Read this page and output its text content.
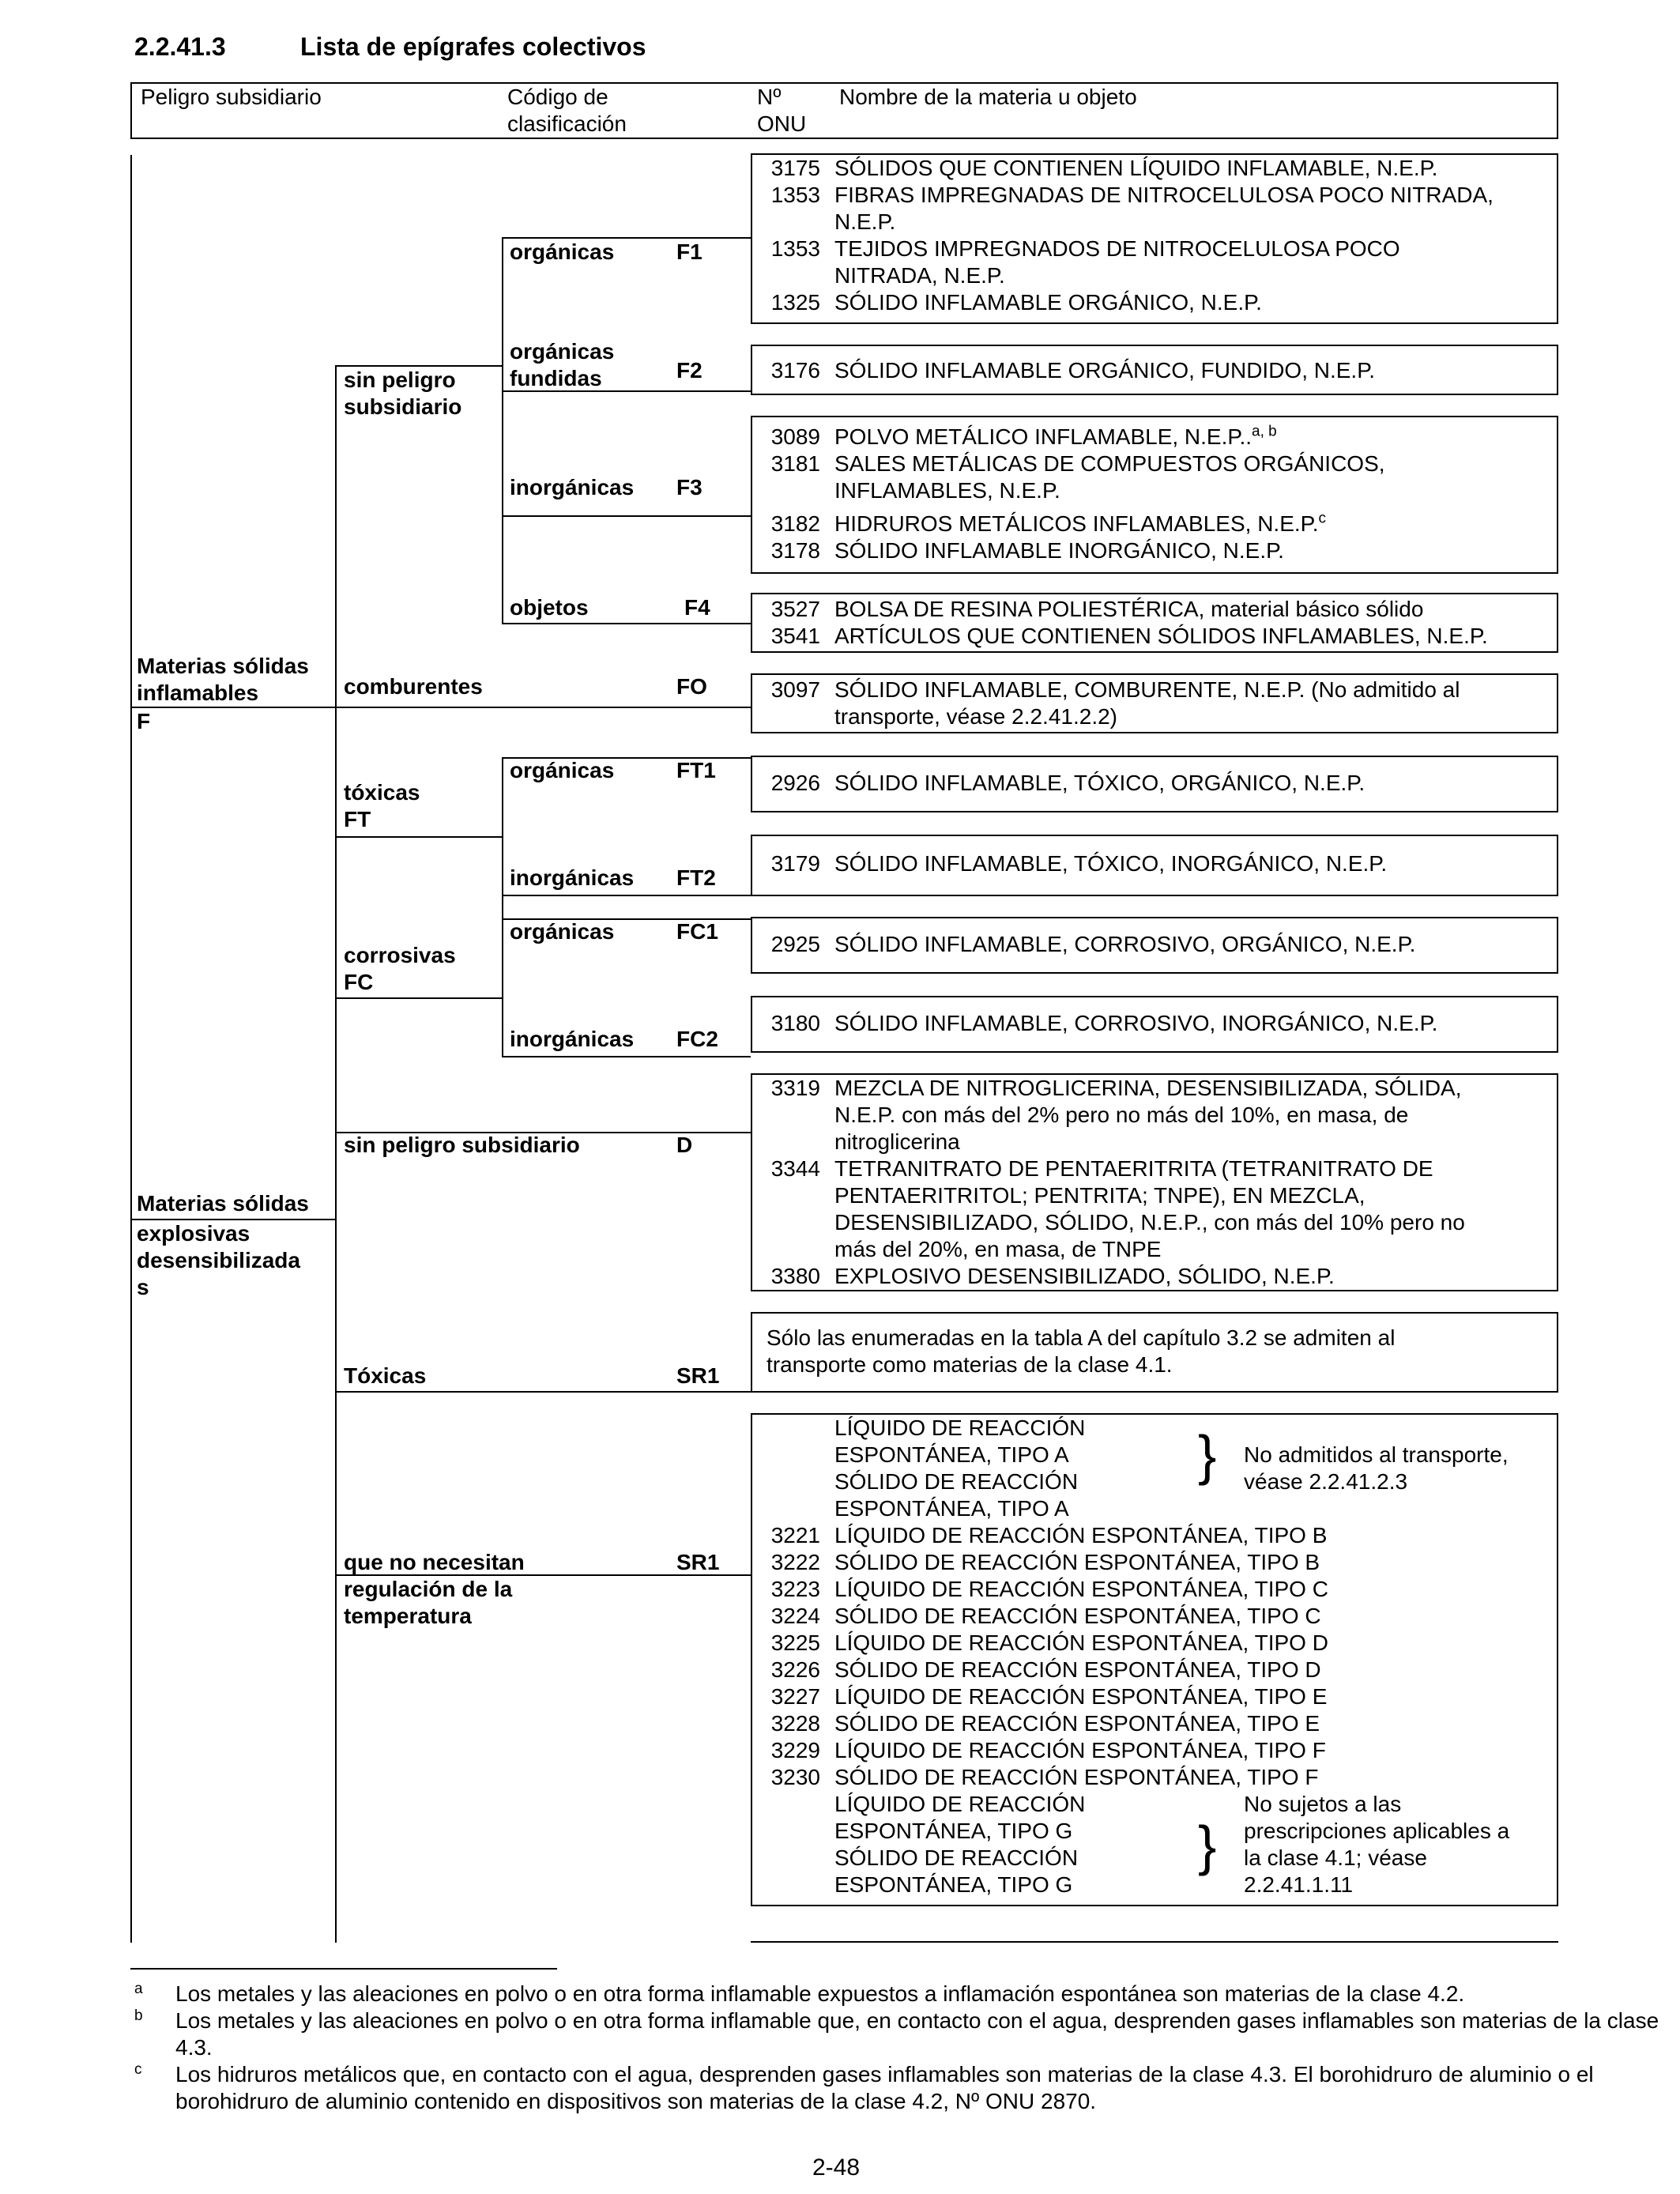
2.2.41.3	Lista de epígrafes colectivos
Peligro subsidiario	Código de
clasificación
Nº
ONU
Nombre de la materia u objeto
Materias sólidas
inflamables
F
Materias sólidas
explosivas
desensibilizada
s
sin peligro
subsidiario
comburentes
tóxicas
FT
corrosivas
FC
sin peligro subsidiario
Tóxicas
que no necesitan
regulación de la
temperatura
orgánicas
orgánicas
fundidas
inorgánicas
objetos
orgánicas
inorgánicas
orgánicas
inorgánicas
F1
F2
F3
F4
FO
FT1
FT2
FC1
FC2
D
SR1
SR1
3175 SÓLIDOS QUE CONTIENEN LÍQUIDO INFLAMABLE, N.E.P.
1353 FIBRAS IMPREGNADAS DE NITROCELULOSA POCO NITRADA,
N.E.P.
1353 TEJIDOS IMPREGNADOS DE NITROCELULOSA POCO
NITRADA, N.E.P.
1325 SÓLIDO INFLAMABLE ORGÁNICO, N.E.P.
3176 SÓLIDO INFLAMABLE ORGÁNICO, FUNDIDO, N.E.P.
3089 POLVO METÁLICO INFLAMABLE, N.E.P..$^{a, b}$
3181 SALES METÁLICAS DE COMPUESTOS ORGÁNICOS,
INFLAMABLES, N.E.P.
3182 HIDRUROS METÁLICOS INFLAMABLES, N.E.P.$^c$
3178 SÓLIDO INFLAMABLE INORGÁNICO, N.E.P.
3527 BOLSA DE RESINA POLIESTÉRICA, material básico sólido
3541 ARTÍCULOS QUE CONTIENEN SÓLIDOS INFLAMABLES, N.E.P.
3097 SÓLIDO INFLAMABLE, COMBURENTE, N.E.P. (No admitido al
transporte, véase 2.2.41.2.2)
2926 SÓLIDO INFLAMABLE, TÓXICO, ORGÁNICO, N.E.P.
3179 SÓLIDO INFLAMABLE, TÓXICO, INORGÁNICO, N.E.P.
2925 SÓLIDO INFLAMABLE, CORROSIVO, ORGÁNICO, N.E.P.
3180 SÓLIDO INFLAMABLE, CORROSIVO, INORGÁNICO, N.E.P.
3319 MEZCLA DE NITROGLICERINA, DESENSIBILIZADA, SÓLIDA,
N.E.P. con más del 2% pero no más del 10%, en masa, de
nitroglicerina
3344 TETRANITRATO DE PENTAERITRITA (TETRANITRATO DE
PENTAERITRITOL; PENTRITA; TNPE), EN MEZCLA,
DESENSIBILIZADO, SÓLIDO, N.E.P., con más del 10% pero no
más del 20%, en masa, de TNPE
3380 EXPLOSIVO DESENSIBILIZADO, SÓLIDO, N.E.P.
Sólo las enumeradas en la tabla A del capítulo 3.2 se admiten al
transporte como materias de la clase 4.1.
LÍQUIDO DE REACCIÓN
ESPONTÁNEA, TIPO A
SÓLIDO DE REACCIÓN
ESPONTÁNEA, TIPO A
} No admitidos al transporte,
véase 2.2.41.2.3
3221 LÍQUIDO DE REACCIÓN ESPONTÁNEA, TIPO B
3222 SÓLIDO DE REACCIÓN ESPONTÁNEA, TIPO B
3223 LÍQUIDO DE REACCIÓN ESPONTÁNEA, TIPO C
3224 SÓLIDO DE REACCIÓN ESPONTÁNEA, TIPO C
3225 LÍQUIDO DE REACCIÓN ESPONTÁNEA, TIPO D
3226 SÓLIDO DE REACCIÓN ESPONTÁNEA, TIPO D
3227 LÍQUIDO DE REACCIÓN ESPONTÁNEA, TIPO E
3228 SÓLIDO DE REACCIÓN ESPONTÁNEA, TIPO E
3229 LÍQUIDO DE REACCIÓN ESPONTÁNEA, TIPO F
3230 SÓLIDO DE REACCIÓN ESPONTÁNEA, TIPO F
LÍQUIDO DE REACCIÓN
ESPONTÁNEA, TIPO G
SÓLIDO DE REACCIÓN
ESPONTÁNEA, TIPO G
}
No sujetos a las
prescripciones aplicables a
la clase 4.1; véase
2.2.41.1.11
a Los metales y las aleaciones en polvo o en otra forma inflamable expuestos a inflamación espontánea son materias de la clase 4.2.
b Los metales y las aleaciones en polvo o en otra forma inflamable que, en contacto con el agua, desprenden gases inflamables son materias de la clase 4.3.
c Los hidruros metálicos que, en contacto con el agua, desprenden gases inflamables son materias de la clase 4.3. El borohidruro de aluminio o el borohidruro de aluminio contenido en dispositivos son materias de la clase 4.2, Nº ONU 2870.
2-48
